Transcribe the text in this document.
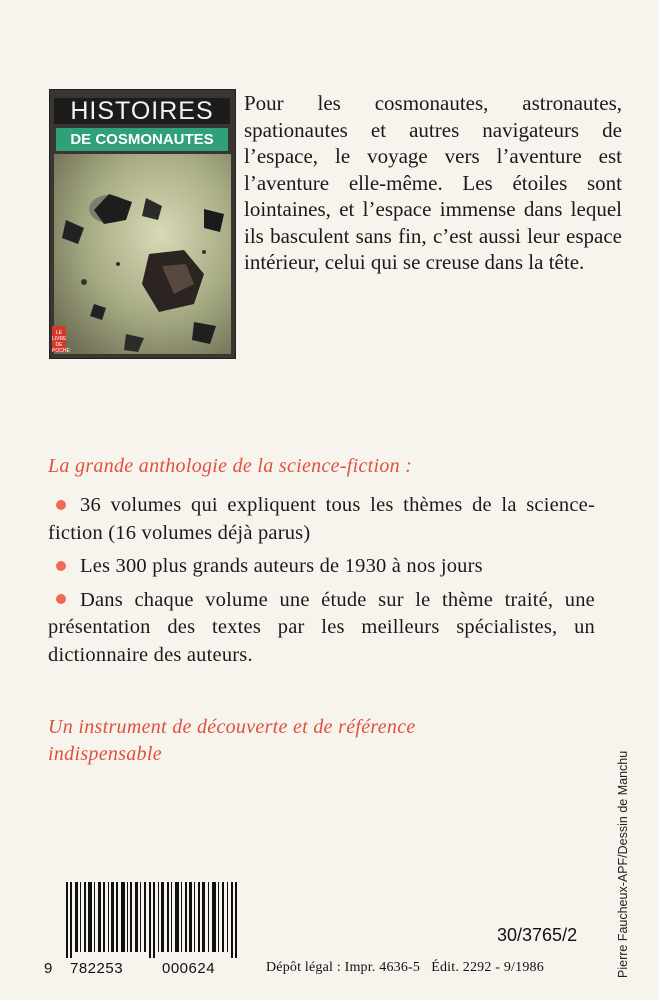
HISTOIRES
DE COSMONAUTES
LE LIVRE DE POCHE

Pour les cosmonautes, astronautes, spationautes et autres navigateurs de l’espace, le voyage vers l’aventure est l’aventure elle-même. Les étoiles sont lointaines, et l’espace immense dans lequel ils basculent sans fin, c’est aussi leur espace intérieur, celui qui se creuse dans la tête.

La grande anthologie de la science-fiction :

36 volumes qui expliquent tous les thèmes de la science-fiction (16 volumes déjà parus)
Les 300 plus grands auteurs de 1930 à nos jours
Dans chaque volume une étude sur le thème traité, une présentation des textes par les meilleurs spécialistes, un dictionnaire des auteurs.

Un instrument de découverte et de référence indispensable	Pierre Faucheux-APF/Dessin de Manchu
9 782253	000624
30/3765/2
Dépôt légal : Impr. 4636-5 Édit. 2292 - 9/1986
